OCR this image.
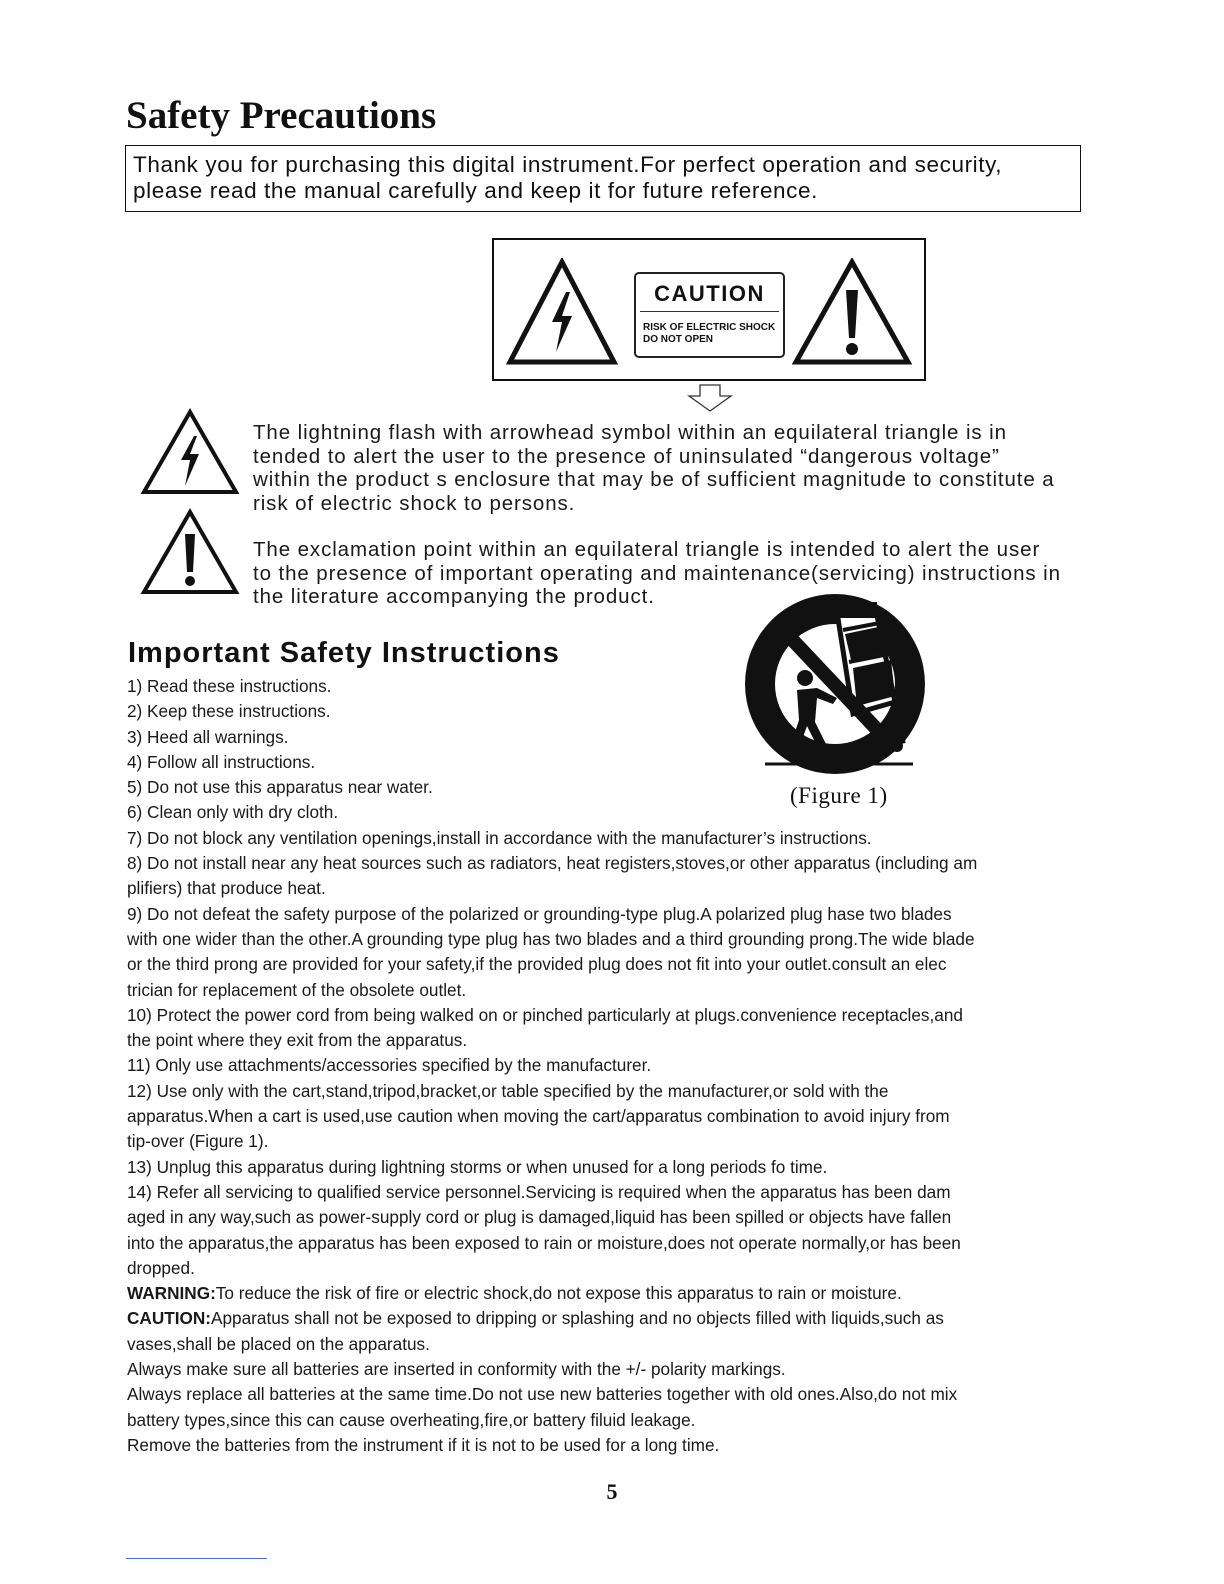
Safety Precautions

Thank you for purchasing this digital instrument.For perfect operation and security,

please read the manual carefully and keep it for future reference.

CAUTION
RISK OF ELECTRIC SHOCK
DO NOT OPEN

The lightning flash with arrowhead symbol within an equilateral triangle is in
tended to alert the user to the presence of uninsulated “dangerous voltage”
within the product s enclosure that may be of sufficient magnitude to constitute a
risk of electric shock to persons.

The exclamation point within an equilateral triangle is intended to alert the user
to the presence of important operating and maintenance(servicing) instructions in
the literature accompanying the product.

Important Safety Instructions

(Figure 1)

1) Read these instructions.
2) Keep these instructions.
3) Heed all warnings.
4) Follow all instructions.
5) Do not use this apparatus near water.
6) Clean only with dry cloth.
7) Do not block any ventilation openings,install in accordance with the manufacturer’s instructions.
8) Do not install near any heat sources such as radiators, heat registers,stoves,or other apparatus (including am
plifiers) that produce heat.
9) Do not defeat the safety purpose of the polarized or grounding-type plug.A polarized plug hase two blades
with one wider than the other.A grounding type plug has two blades and a third grounding prong.The wide blade
or the third prong are provided for your safety,if the provided plug does not fit into your outlet.consult an elec
trician for replacement of the obsolete outlet.
10) Protect the power cord from being walked on or pinched particularly at plugs.convenience receptacles,and
the point where they exit from the apparatus.
11) Only use attachments/accessories specified by the manufacturer.
12) Use only with the cart,stand,tripod,bracket,or table specified by the manufacturer,or sold with the
apparatus.When a cart is used,use caution when moving the cart/apparatus combination to avoid injury from
tip-over (Figure 1).
13) Unplug this apparatus during lightning storms or when unused for a long periods fo time.
14) Refer all servicing to qualified service personnel.Servicing is required when the apparatus has been dam
aged in any way,such as power-supply cord or plug is damaged,liquid has been spilled or objects have fallen
into the apparatus,the apparatus has been exposed to rain or moisture,does not operate normally,or has been
dropped.
WARNING:To reduce the risk of fire or electric shock,do not expose this apparatus to rain or moisture.
CAUTION:Apparatus shall not be exposed to dripping or splashing and no objects filled with liquids,such as
vases,shall be placed on the apparatus.
Always make sure all batteries are inserted in conformity with the +/- polarity markings.
Always replace all batteries at the same time.Do not use new batteries together with old ones.Also,do not mix
battery types,since this can cause overheating,fire,or battery filuid leakage.
Remove the batteries from the instrument if it is not to be used for a long time.

5
